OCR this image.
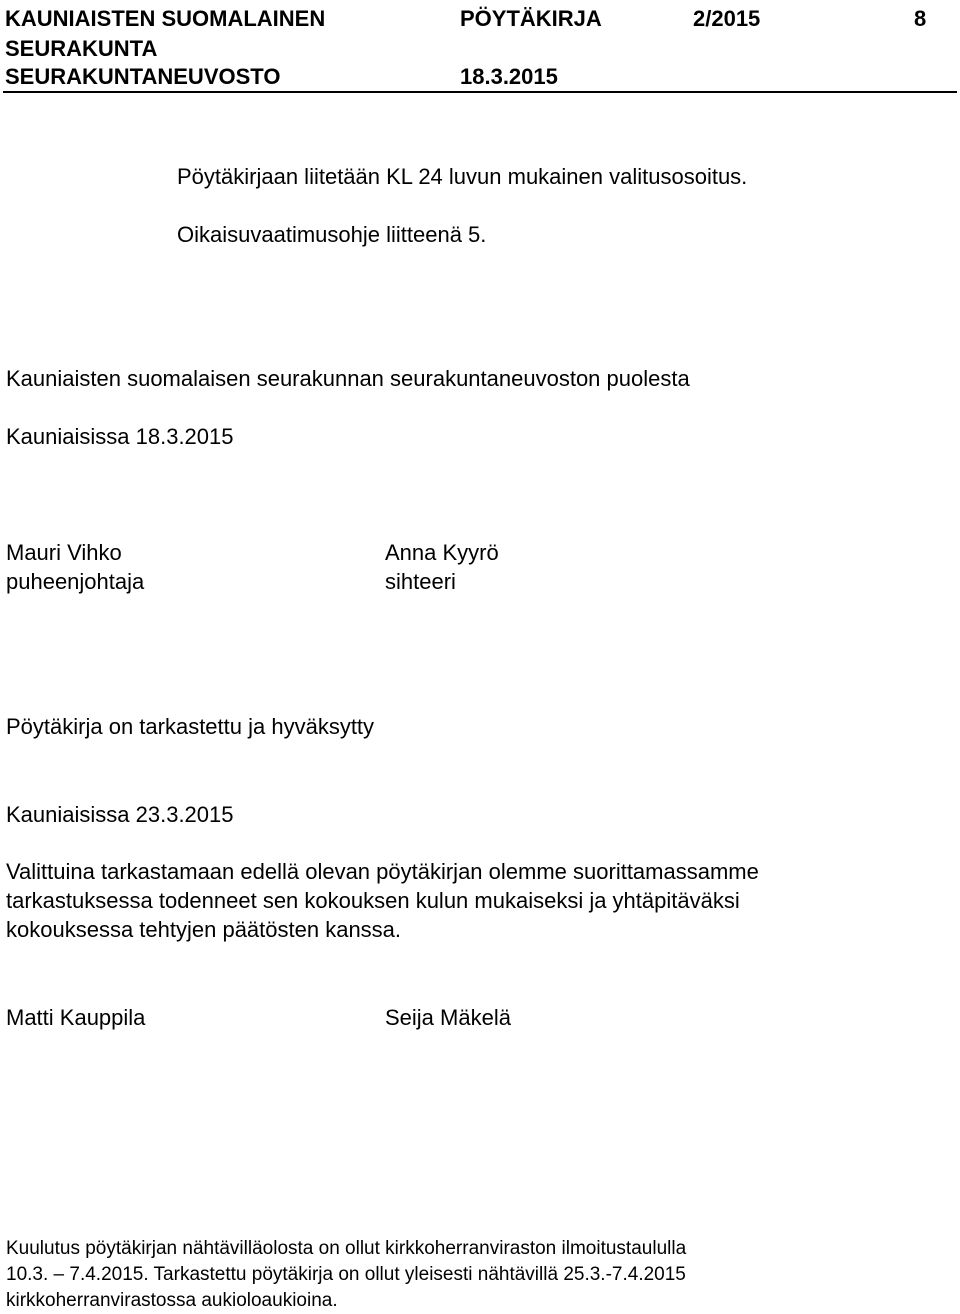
KAUNIAISTEN SUOMALAINEN
SEURAKUNTA
SEURAKUNTANEUVOSTO
PÖYTÄKIRJA	2/2015	8
18.3.2015
Pöytäkirjaan liitetään KL 24 luvun mukainen valitusosoitus.
Oikaisuvaatimusohje liitteenä 5.
Kauniaisten suomalaisen seurakunnan seurakuntaneuvoston puolesta
Kauniaisissa 18.3.2015
Mauri Vihko
puheenjohtaja
Anna Kyyrö
sihteeri
Pöytäkirja on tarkastettu ja hyväksytty
Kauniaisissa 23.3.2015
Valittuina tarkastamaan edellä olevan pöytäkirjan olemme suorittamassamme
tarkastuksessa todenneet sen kokouksen kulun mukaiseksi ja yhtäpitäväksi
kokouksessa tehtyjen päätösten kanssa.
Matti Kauppila	Seija Mäkelä
Kuulutus pöytäkirjan nähtävilläolosta on ollut kirkkoherranviraston ilmoitustaululla
10.3. – 7.4.2015. Tarkastettu pöytäkirja on ollut yleisesti nähtävillä 25.3.-7.4.2015
kirkkoherranvirastossa aukioloaukioina.
